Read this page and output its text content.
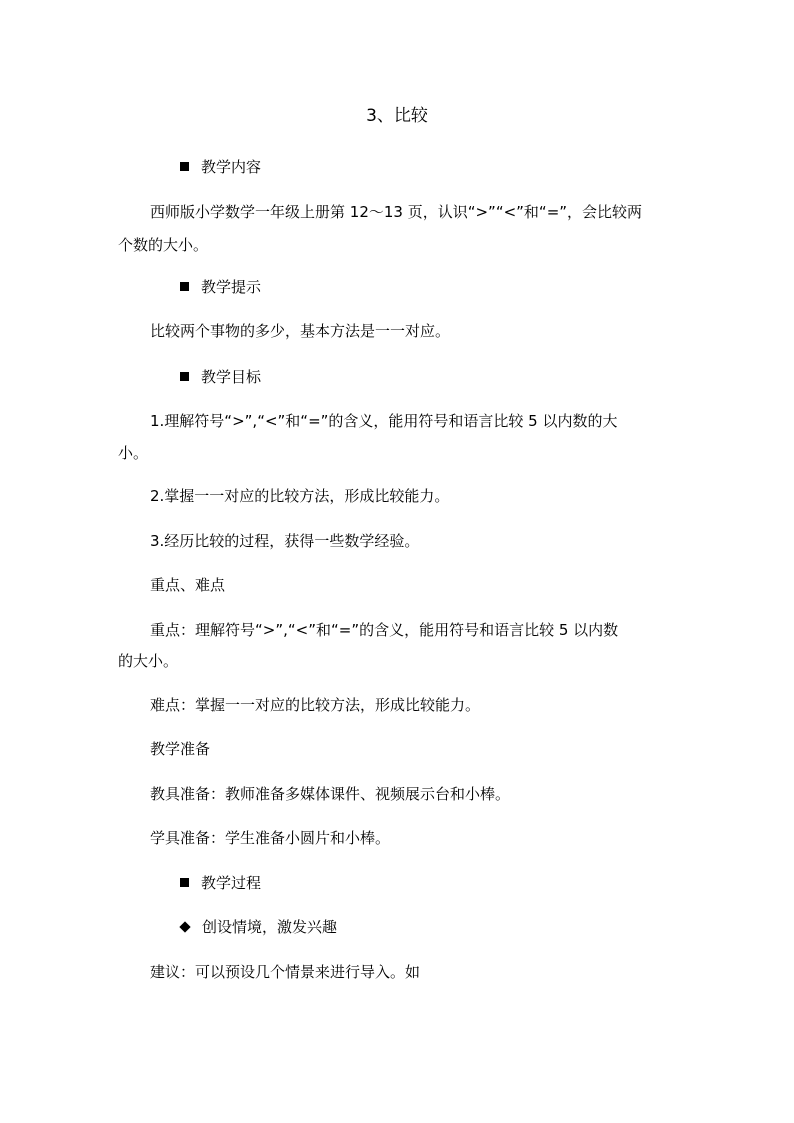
3、比较
教学内容
西师版小学数学一年级上册第 12～13 页，认识“>”“<”和“=”，会比较两
个数的大小。
教学提示
比较两个事物的多少，基本方法是一一对应。
教学目标
1.理解符号“>”,“<”和“=”的含义，能用符号和语言比较 5 以内数的大
小。
2.掌握一一对应的比较方法，形成比较能力。
3.经历比较的过程，获得一些数学经验。
重点、难点
重点：理解符号“>”,“<”和“=”的含义，能用符号和语言比较 5 以内数
的大小。
难点：掌握一一对应的比较方法，形成比较能力。
教学准备
教具准备：教师准备多媒体课件、视频展示台和小棒。
学具准备：学生准备小圆片和小棒。
教学过程
创设情境，激发兴趣
建议：可以预设几个情景来进行导入。如
